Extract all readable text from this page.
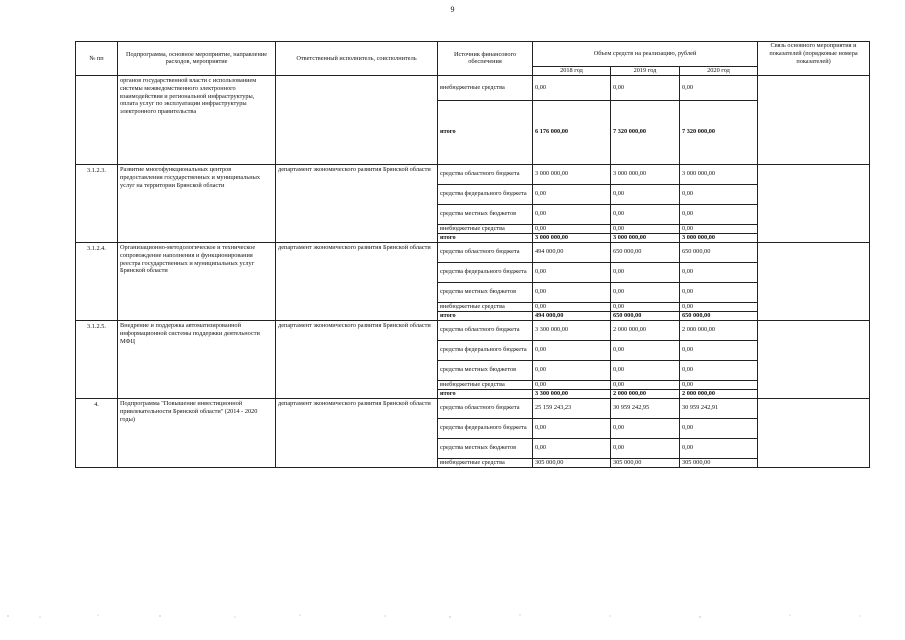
9
№ пп	Подпрограмма, основное мероприятие, направление расходов, мероприятие	Ответственный исполнитель, соисполнитель	Источник финансового обеспечения	Объем средств на реализацию, рублей			Связь основного мероприятия и показателей (порядковые номера показателей)
				2018 год	2019 год	2020 год	
	органов государственной власти с использованием системы межведомственного электронного взаимодействия и региональной инфраструктуры, оплата услуг по эксплуатации инфраструктуры электронного правительства		внебюджетные средства	0,00	0,00	0,00	
			итого	6 176 000,00	7 320 000,00	7 320 000,00	
3.1.2.3.	Развитие многофункциональных центров предоставления государственных и муниципальных услуг на территории Брянской области	департамент экономического развития Брянской области	средства областного бюджета	3 000 000,00	3 000 000,00	3 000 000,00	
			средства федерального бюджета	0,00	0,00	0,00	
			средства местных бюджетов	0,00	0,00	0,00	
			внебюджетные средства	0,00	0,00	0,00	
			итого	3 000 000,00	3 000 000,00	3 000 000,00	
3.1.2.4.	Организационно-методологическое и техническое сопровождение наполнения и функционирования реестра государственных и муниципальных услуг Брянской области	департамент экономического развития Брянской области	средства областного бюджета	494 000,00	650 000,00	650 000,00	
			средства федерального бюджета	0,00	0,00	0,00	
			средства местных бюджетов	0,00	0,00	0,00	
			внебюджетные средства	0,00	0,00	0,00	
			итого	494 000,00	650 000,00	650 000,00	
3.1.2.5.	Внедрение и поддержка автоматизированной информационной системы поддержки деятельности МФЦ	департамент экономического развития Брянской области	средства областного бюджета	3 300 000,00	2 000 000,00	2 000 000,00	
			средства федерального бюджета	0,00	0,00	0,00	
			средства местных бюджетов	0,00	0,00	0,00	
			внебюджетные средства	0,00	0,00	0,00	
			итого	3 300 000,00	2 000 000,00	2 000 000,00	
4.	Подпрограмма "Повышение инвестиционной привлекательности Брянской области" (2014 - 2020 годы)	департамент экономического развития Брянской области	средства областного бюджета	25 159 243,23	30 959 242,95	30 959 242,91	
			средства федерального бюджета	0,00	0,00	0,00	
			средства местных бюджетов	0,00	0,00	0,00	
			внебюджетные средства	305 000,00	305 000,00	305 000,00	
